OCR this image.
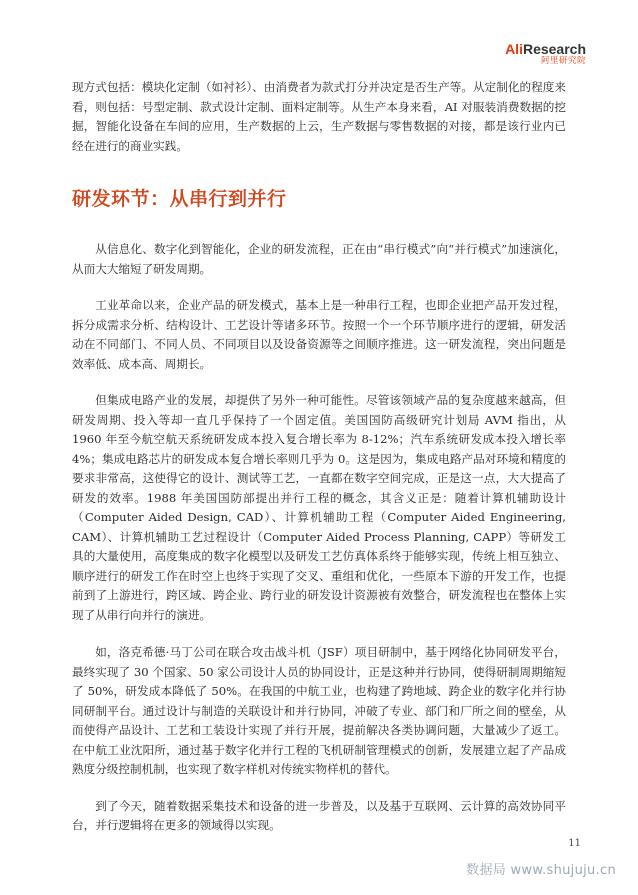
AliResearch
阿里研究院

现方式包括：模块化定制（如衬衫）、由消费者为款式打分并决定是否生产等。从定制化的程度来看，则包括：号型定制、款式设计定制、面料定制等。从生产本身来看，AI 对服装消费数据的挖掘，智能化设备在车间的应用，生产数据的上云，生产数据与零售数据的对接，都是该行业内已经在进行的商业实践。

研发环节：从串行到并行

从信息化、数字化到智能化，企业的研发流程，正在由“串行模式”向“并行模式”加速演化，从而大大缩短了研发周期。

工业革命以来，企业产品的研发模式，基本上是一种串行工程，也即企业把产品开发过程，拆分成需求分析、结构设计、工艺设计等诸多环节。按照一个一个环节顺序进行的逻辑，研发活动在不同部门、不同人员、不同项目以及设备资源等之间顺序推进。这一研发流程，突出问题是效率低、成本高、周期长。

但集成电路产业的发展，却提供了另外一种可能性。尽管该领域产品的复杂度越来越高，但研发周期、投入等却一直几乎保持了一个固定值。美国国防高级研究计划局 AVM 指出，从 1960 年至今航空航天系统研发成本投入复合增长率为 8-12%；汽车系统研发成本投入增长率 4%；集成电路芯片的研发成本复合增长率则几乎为 0。这是因为，集成电路产品对环境和精度的要求非常高，这使得它的设计、测试等工艺，一直都在数字空间完成，正是这一点，大大提高了研发的效率。1988 年美国国防部提出并行工程的概念，其含义正是：随着计算机辅助设计（Computer Aided Design, CAD）、计算机辅助工程（Computer Aided Engineering, CAM）、计算机辅助工艺过程设计（Computer Aided Process Planning, CAPP）等研发工具的大量使用，高度集成的数字化模型以及研发工艺仿真体系终于能够实现，传统上相互独立、顺序进行的研发工作在时空上也终于实现了交叉、重组和优化，一些原本下游的开发工作，也提前到了上游进行，跨区域、跨企业、跨行业的研发设计资源被有效整合，研发流程也在整体上实现了从串行向并行的演进。

如，洛克希德·马丁公司在联合攻击战斗机（JSF）项目研制中，基于网络化协同研发平台，最终实现了 30 个国家、50 家公司设计人员的协同设计，正是这种并行协同，使得研制周期缩短了 50%，研发成本降低了 50%。在我国的中航工业，也构建了跨地域、跨企业的数字化并行协同研制平台。通过设计与制造的关联设计和并行协同，冲破了专业、部门和厂所之间的壁垒，从而使得产品设计、工艺和工装设计实现了并行开展，提前解决各类协调问题，大量减少了返工。在中航工业沈阳所，通过基于数字化并行工程的飞机研制管理模式的创新，发展建立起了产品成熟度分级控制机制，也实现了数字样机对传统实物样机的替代。

到了今天，随着数据采集技术和设备的进一步普及，以及基于互联网、云计算的高效协同平台，并行逻辑将在更多的领域得以实现。

11
数据局 www.shujuju.cn
